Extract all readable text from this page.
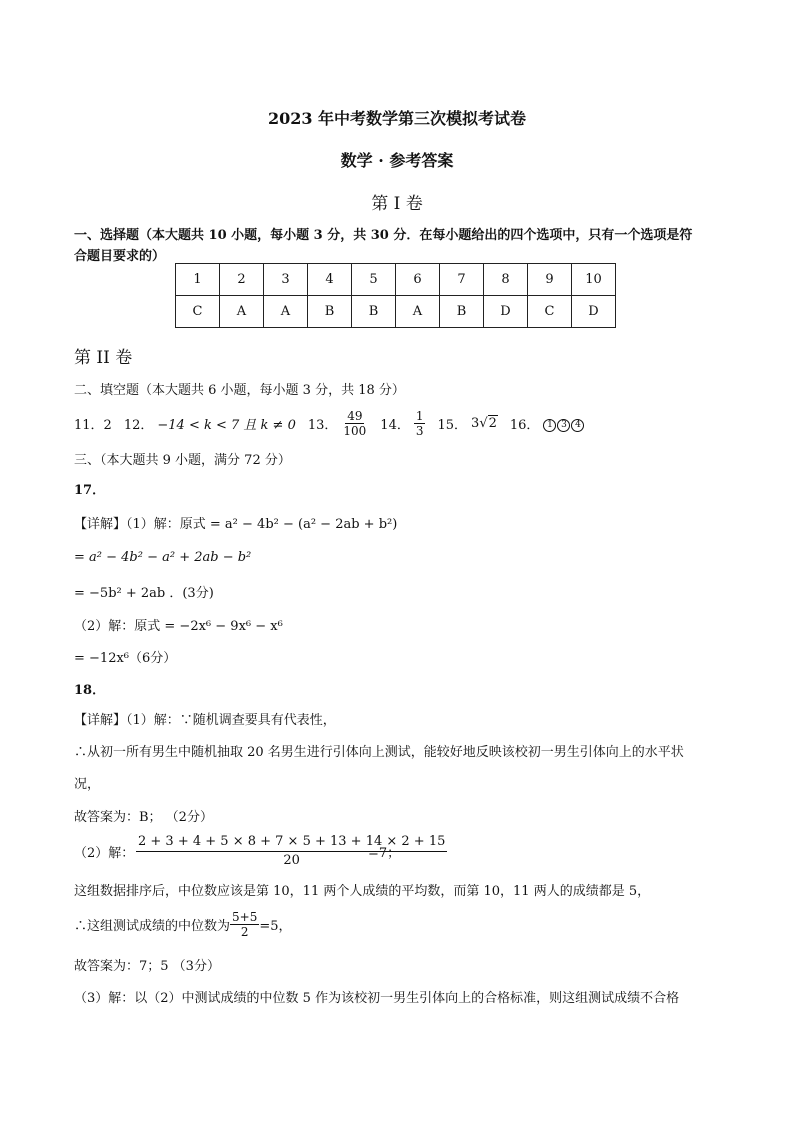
2023 年中考数学第三次模拟考试卷
数学 · 参考答案
第 I 卷
一、选择题（本大题共 10 小题，每小题 3 分，共 30 分．在每小题给出的四个选项中，只有一个选项是符
合题目要求的）
1	2	3	4	5	6	7	8	9	10
C	A	A	B	B	A	B	D	C	D
第 II 卷
二、填空题（本大题共 6 小题，每小题 3 分，共 18 分）
11．2 12． −14 < k < 7 且 k ≠ 0 13． $\frac{49}{100} 14$． $\frac{1}{3} 15$． 3√2 16． 1 3 4
三、（本大题共 9 小题，满分 72 分）
17．
【详解】（1）解：原式 = a² − 4b² − (a² − 2ab + b²)
= a² − 4b² − a² + 2ab − b²
= −5b² + 2ab ．(3分)
（2）解：原式 = −2x⁶ − 9x⁶ − x⁶
= −12x⁶（6分）
18．
【详解】（1）解：∵随机调查要具有代表性，
∴从初一所有男生中随机抽取 20 名男生进行引体向上测试，能较好地反映该校初一男生引体向上的水平状
况，
故答案为：B； （2分）
（2）解： $\frac{2 + 3 + 4 + 5 \times 8 + 7 \times 5 + 13 + 14 \times 2 + 15}{20}$
=7；
这组数据排序后，中位数应该是第 10，11 两个人成绩的平均数，而第 10，11 两人的成绩都是 5，
∴这组测试成绩的中位数为 $\frac{5+5}{2} =5$，
故答案为：7；5 （3分）
（3）解：以（2）中测试成绩的中位数 5 作为该校初一男生引体向上的合格标准，则这组测试成绩不合格
